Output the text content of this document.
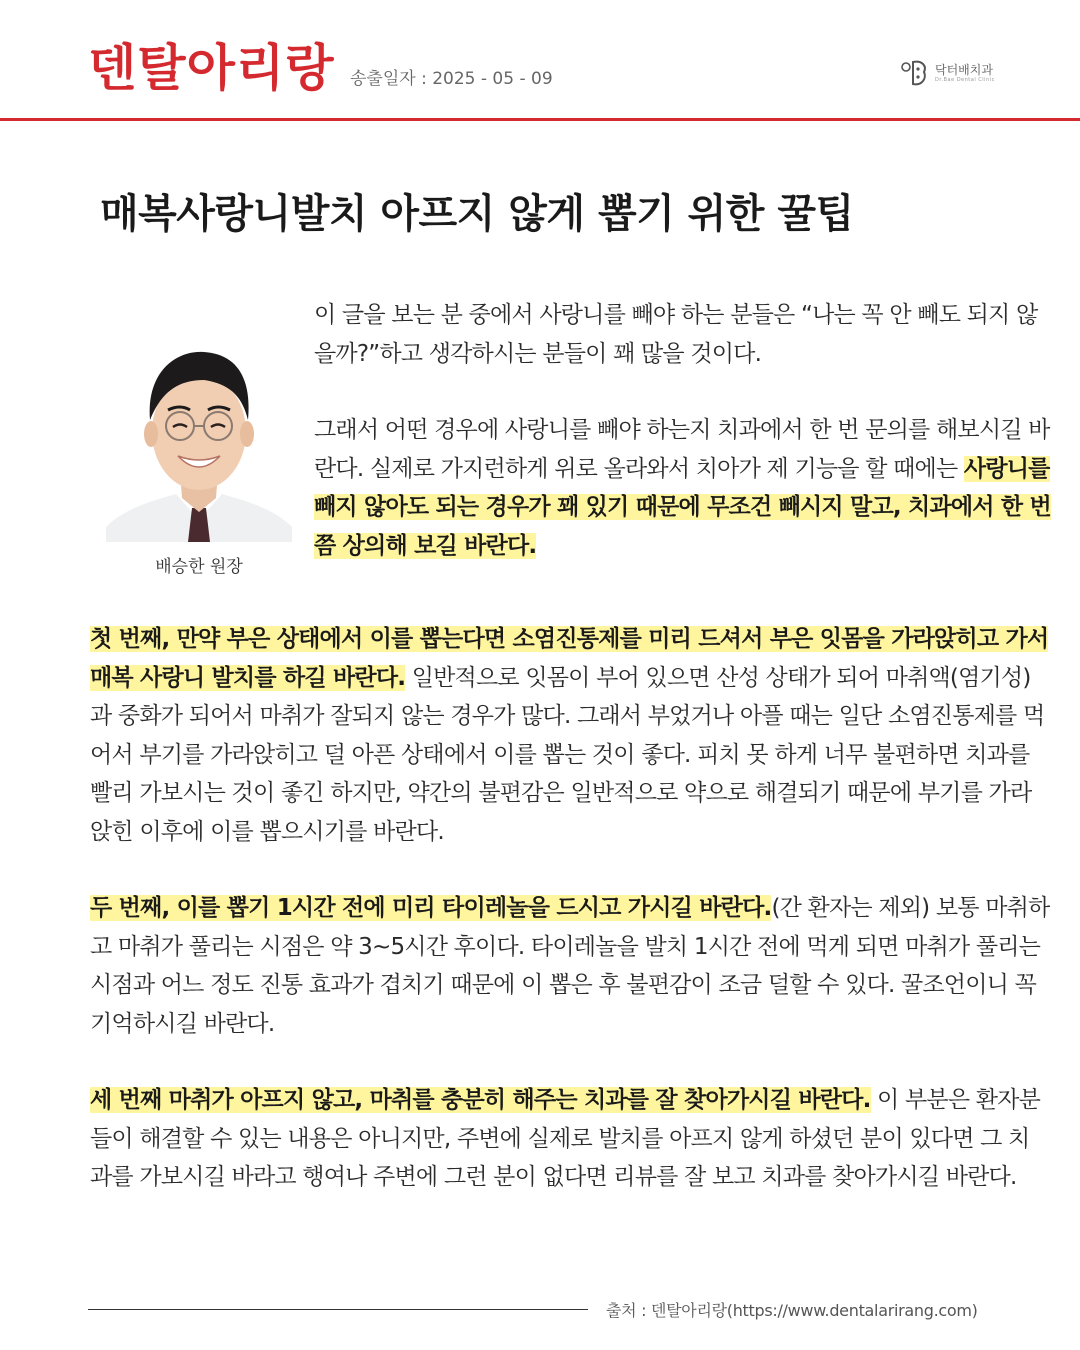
덴탈아리랑 송출일자 : 2025 - 05 - 09	닥터배치과
Dr.Bae Dental Clinic
매복사랑니발치 아프지 않게 뽑기 위한 꿀팁
배승한 원장

이 글을 보는 분 중에서 사랑니를 빼야 하는 분들은 “나는 꼭 안 빼도 되지 않을까?”하고 생각하시는 분들이 꽤 많을 것이다.

그래서 어떤 경우에 사랑니를 빼야 하는지 치과에서 한 번 문의를 해보시길 바란다. 실제로 가지런하게 위로 올라와서 치아가 제 기능을 할 때에는 사랑니를 빼지 않아도 되는 경우가 꽤 있기 때문에 무조건 빼시지 말고, 치과에서 한 번쯤 상의해 보길 바란다.

첫 번째, 만약 부은 상태에서 이를 뽑는다면 소염진통제를 미리 드셔서 부은 잇몸을 가라앉히고 가서 매복 사랑니 발치를 하길 바란다. 일반적으로 잇몸이 부어 있으면 산성 상태가 되어 마취액(염기성)과 중화가 되어서 마취가 잘되지 않는 경우가 많다. 그래서 부었거나 아플 때는 일단 소염진통제를 먹어서 부기를 가라앉히고 덜 아픈 상태에서 이를 뽑는 것이 좋다. 피치 못 하게 너무 불편하면 치과를 빨리 가보시는 것이 좋긴 하지만, 약간의 불편감은 일반적으로 약으로 해결되기 때문에 부기를 가라앉힌 이후에 이를 뽑으시기를 바란다.

두 번째, 이를 뽑기 1시간 전에 미리 타이레놀을 드시고 가시길 바란다.(간 환자는 제외) 보통 마취하고 마취가 풀리는 시점은 약 3~5시간 후이다. 타이레놀을 발치 1시간 전에 먹게 되면 마취가 풀리는 시점과 어느 정도 진통 효과가 겹치기 때문에 이 뽑은 후 불편감이 조금 덜할 수 있다. 꿀조언이니 꼭 기억하시길 바란다.

세 번째 마취가 아프지 않고, 마취를 충분히 해주는 치과를 잘 찾아가시길 바란다. 이 부분은 환자분들이 해결할 수 있는 내용은 아니지만, 주변에 실제로 발치를 아프지 않게 하셨던 분이 있다면 그 치과를 가보시길 바라고 행여나 주변에 그런 분이 없다면 리뷰를 잘 보고 치과를 찾아가시길 바란다.

출처 : 덴탈아리랑(https://www.dentalarirang.com)
